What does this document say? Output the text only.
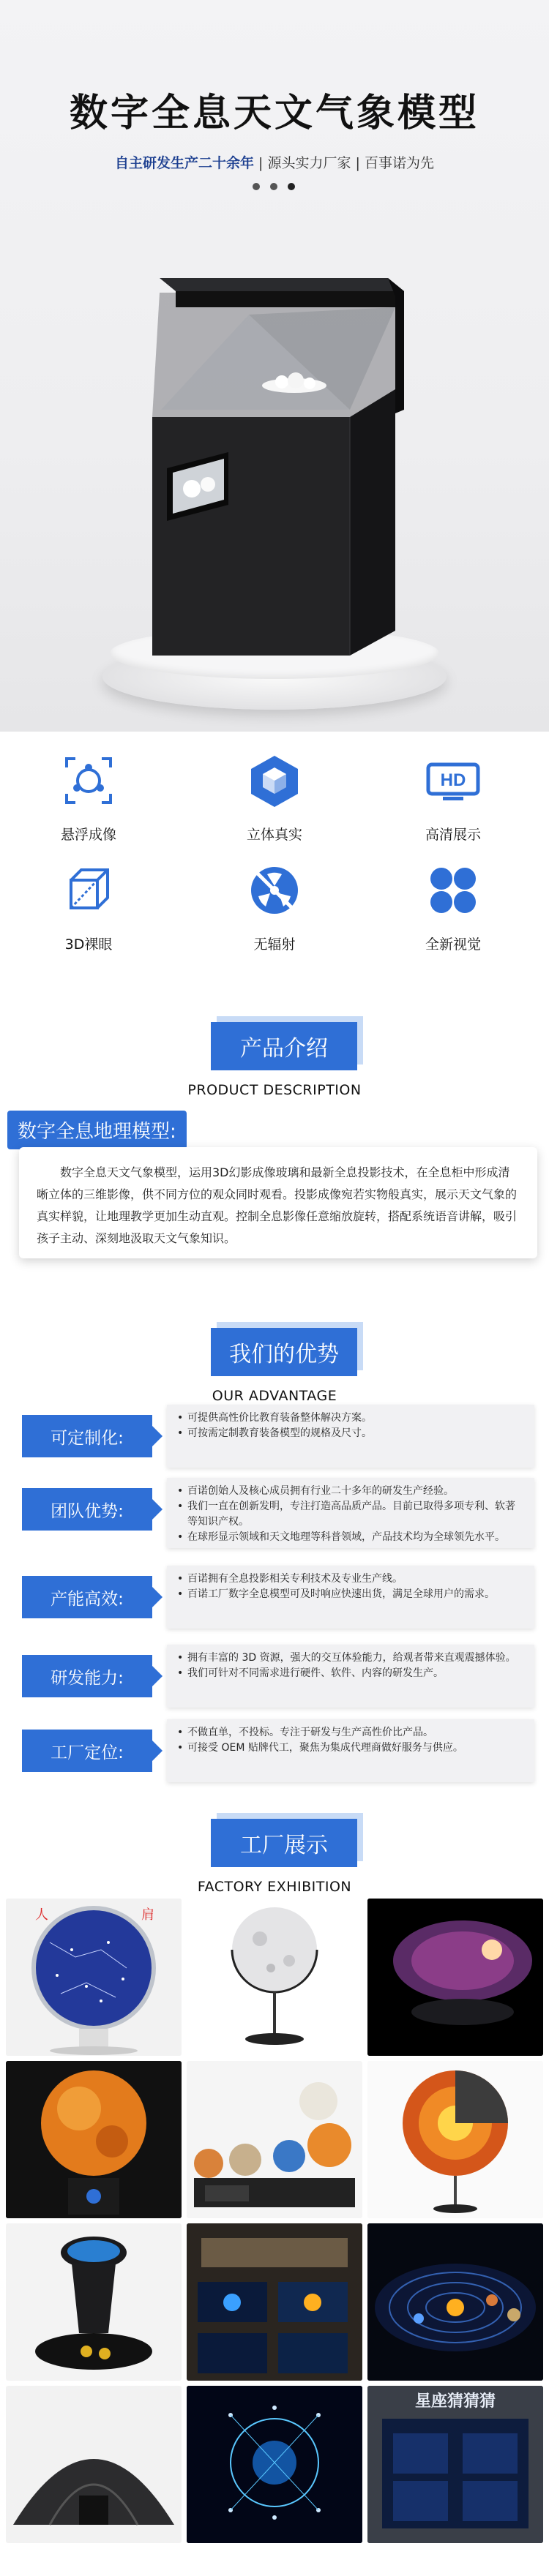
数字全息天文气象模型
自主研发生产二十余年 | 源头实力厂家 | 百事诺为先
悬浮成像	立体真实
HD
高清展示
3D裸眼	无辐射	全新视觉
产品介绍
PRODUCT DESCRIPTION
数字全息地理模型:
数字全息天文气象模型，运用3D幻影成像玻璃和最新全息投影技术，在全息柜中形成清晰立体的三维影像，供不同方位的观众同时观看。投影成像宛若实物般真实，展示天文气象的真实样貌，让地理教学更加生动直观。控制全息影像任意缩放旋转，搭配系统语音讲解，吸引孩子主动、深刻地汲取天文气象知识。
我们的优势
OUR ADVANTAGE
可定制化:
• 可提供高性价比教育装备整体解决方案。
• 可按需定制教育装备模型的规格及尺寸。
团队优势:
• 百诺创始人及核心成员拥有行业二十多年的研发生产经验。
• 我们一直在创新发明，专注打造高品质产品。目前已取得多项专利、软著等知识产权。
• 在球形显示领域和天文地理等科普领域，产品技术均为全球领先水平。
产能高效:
• 百诺拥有全息投影相关专利技术及专业生产线。
• 百诺工厂数字全息模型可及时响应快速出货，满足全球用户的需求。
研发能力:
• 拥有丰富的 3D 资源，强大的交互体验能力，给观者带来直观震撼体验。
• 我们可针对不同需求进行硬件、软件、内容的研发生产。
工厂定位:
• 不做直单，不投标。专注于研发与生产高性价比产品。
• 可接受 OEM 贴牌代工，聚焦为集成代理商做好服务与供应。
工厂展示
FACTORY EXHIBITION
人	肩
星座猜猜猜
